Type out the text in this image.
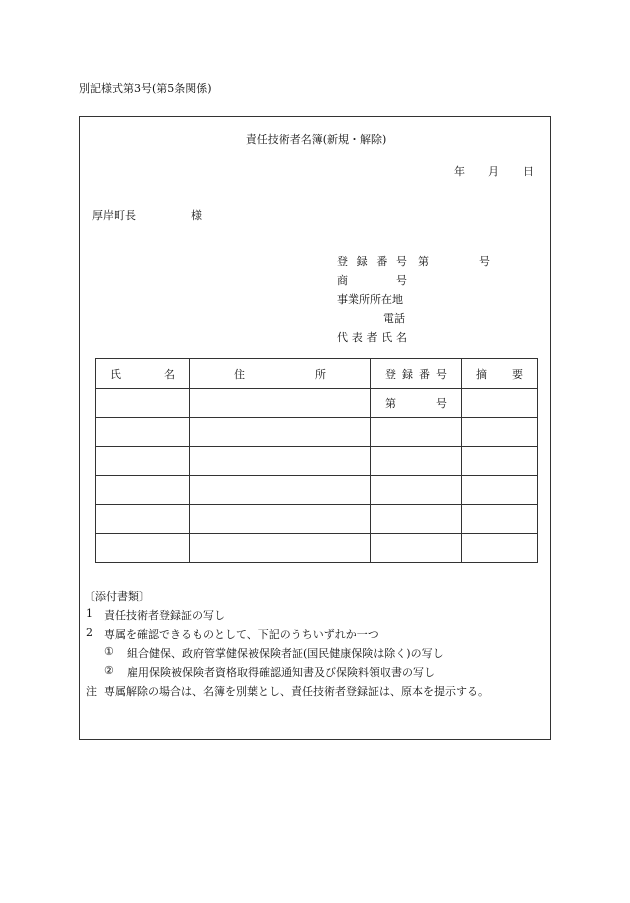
別記様式第3号(第5条関係)
責任技術者名簿(新規・解除)
年 月 日
厚岸町長	様
登 録 番 号 第	号
商	号
事業所所在地
電話
代 表 者 氏 名
氏 名	住 所	登 録 番 号	摘 要

		第 号	

〔添付書類〕
1 責任技術者登録証の写し
2 専属を確認できるものとして、下記のうちいずれか一つ
① 組合健保、政府管掌健保被保険者証(国民健康保険は除く)の写し
② 雇用保険被保険者資格取得確認通知書及び保険料領収書の写し
注 専属解除の場合は、名簿を別葉とし、責任技術者登録証は、原本を提示する。
